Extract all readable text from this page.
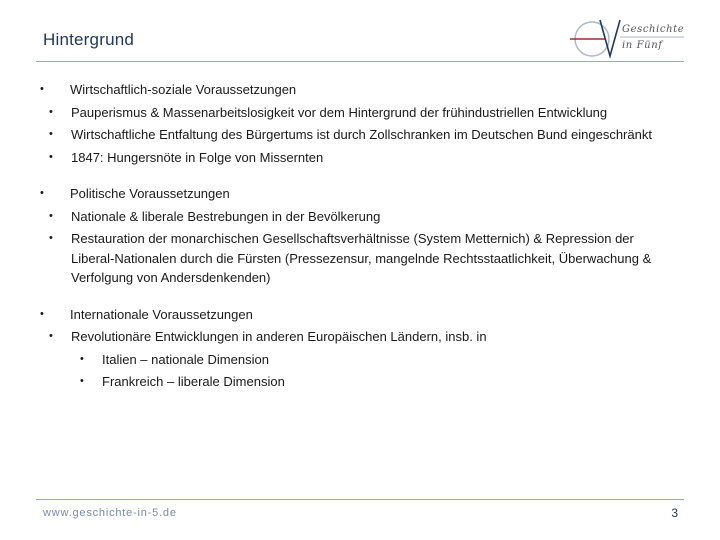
Hintergrund
Geschichte
in Fünf
• Wirtschaftlich-soziale Voraussetzungen
• Pauperismus & Massenarbeitslosigkeit vor dem Hintergrund der frühindustriellen Entwicklung
• Wirtschaftliche Entfaltung des Bürgertums ist durch Zollschranken im Deutschen Bund eingeschränkt
• 1847: Hungersnöte in Folge von Missernten
• Politische Voraussetzungen
• Nationale & liberale Bestrebungen in der Bevölkerung
• Restauration der monarchischen Gesellschaftsverhältnisse (System Metternich) & Repression der Liberal-Nationalen durch die Fürsten (Pressezensur, mangelnde Rechtsstaatlichkeit, Überwachung & Verfolgung von Andersdenkenden)
• Internationale Voraussetzungen
• Revolutionäre Entwicklungen in anderen Europäischen Ländern, insb. in
• Italien – nationale Dimension
• Frankreich – liberale Dimension
www.geschichte-in-5.de	3
